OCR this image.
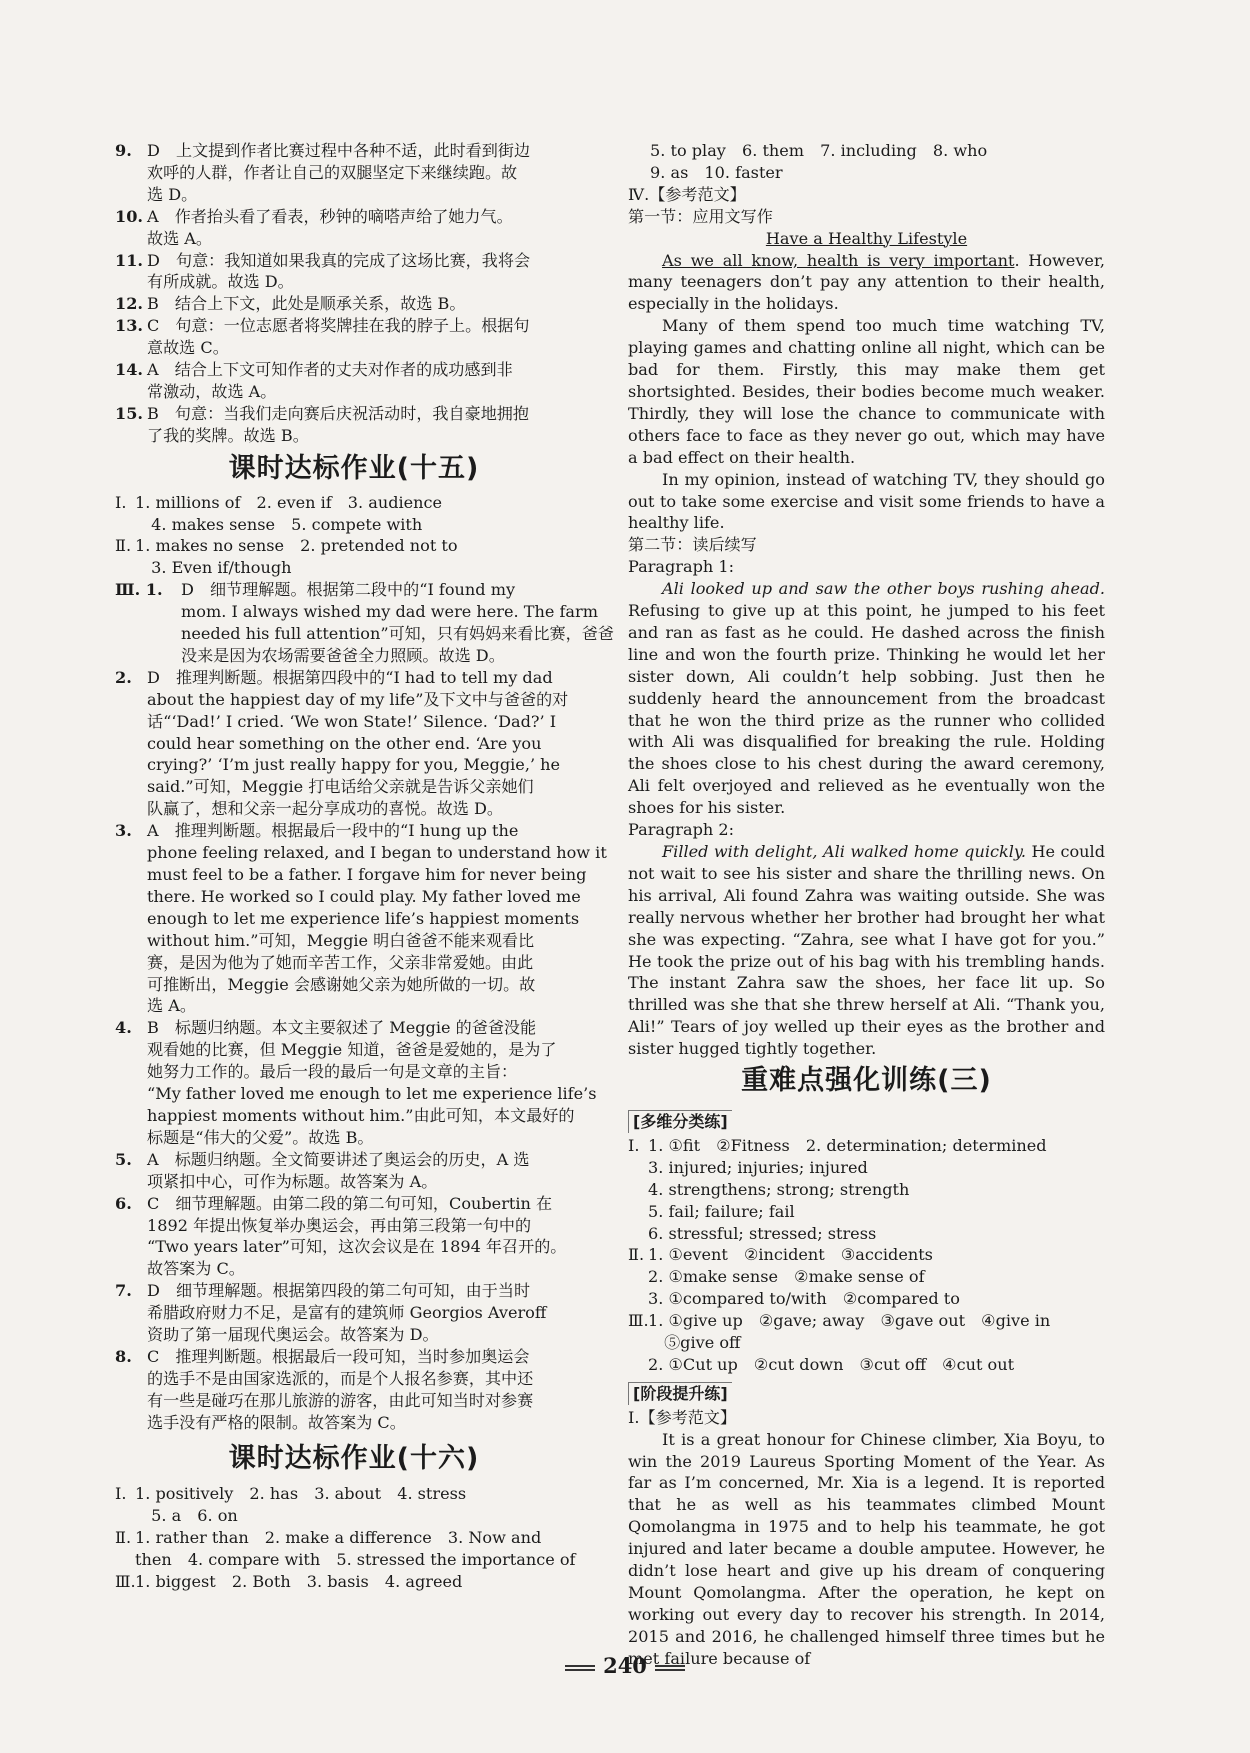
9. D　上文提到作者比赛过程中各种不适，此时看到街边
欢呼的人群，作者让自己的双腿坚定下来继续跑。故
选 D。
10. A　作者抬头看了看表，秒钟的嘀嗒声给了她力气。
故选 A。
11. D　句意：我知道如果我真的完成了这场比赛，我将会
有所成就。故选 D。
12. B　结合上下文，此处是顺承关系，故选 B。
13. C　句意：一位志愿者将奖牌挂在我的脖子上。根据句
意故选 C。
14. A　结合上下文可知作者的丈夫对作者的成功感到非
常激动，故选 A。
15. B　句意：当我们走向赛后庆祝活动时，我自豪地拥抱
了我的奖牌。故选 B。
课时达标作业(十五)
Ⅰ. 1. millions of　2. even if　3. audience
　4. makes sense　5. compete with
Ⅱ. 1. makes no sense　2. pretended not to
　3. Even if/though
Ⅲ. 1. D　细节理解题。根据第二段中的“I found my
mom. I always wished my dad were here. The farm
needed his full attention”可知，只有妈妈来看比赛，爸爸
没来是因为农场需要爸爸全力照顾。故选 D。
2. D　推理判断题。根据第四段中的“I had to tell my dad
about the happiest day of my life”及下文中与爸爸的对
话“‘Dad!’ I cried. ‘We won State!’ Silence. ‘Dad?’ I
could hear something on the other end. ‘Are you
crying?’ ‘I’m just really happy for you, Meggie,’ he
said.”可知，Meggie 打电话给父亲就是告诉父亲她们
队赢了，想和父亲一起分享成功的喜悦。故选 D。
3. A　推理判断题。根据最后一段中的“I hung up the
phone feeling relaxed, and I began to understand how it
must feel to be a father. I forgave him for never being
there. He worked so I could play. My father loved me
enough to let me experience life’s happiest moments
without him.”可知，Meggie 明白爸爸不能来观看比
赛，是因为他为了她而辛苦工作，父亲非常爱她。由此
可推断出，Meggie 会感谢她父亲为她所做的一切。故
选 A。
4. B　标题归纳题。本文主要叙述了 Meggie 的爸爸没能
观看她的比赛，但 Meggie 知道，爸爸是爱她的，是为了
她努力工作的。最后一段的最后一句是文章的主旨：
“My father loved me enough to let me experience life’s
happiest moments without him.”由此可知，本文最好的
标题是“伟大的父爱”。故选 B。
5. A　标题归纳题。全文简要讲述了奥运会的历史，A 选
项紧扣中心，可作为标题。故答案为 A。
6. C　细节理解题。由第二段的第二句可知，Coubertin 在
1892 年提出恢复举办奥运会，再由第三段第一句中的
“Two years later”可知，这次会议是在 1894 年召开的。
故答案为 C。
7. D　细节理解题。根据第四段的第二句可知，由于当时
希腊政府财力不足，是富有的建筑师 Georgios Averoff
资助了第一届现代奥运会。故答案为 D。
8. C　推理判断题。根据最后一段可知，当时参加奥运会
的选手不是由国家选派的，而是个人报名参赛，其中还
有一些是碰巧在那儿旅游的游客，由此可知当时对参赛
选手没有严格的限制。故答案为 C。
课时达标作业(十六)
Ⅰ. 1. positively　2. has　3. about　4. stress
　5. a　6. on
Ⅱ. 1. rather than　2. make a difference　3. Now and
then　4. compare with　5. stressed the importance of
Ⅲ. 1. biggest　2. Both　3. basis　4. agreed
5. to play　6. them　7. including　8. who
9. as　10. faster
Ⅳ.【参考范文】
第一节：应用文写作
Have a Healthy Lifestyle
As we all know, health is very important. However, many teenagers don’t pay any attention to their health, especially in the holidays.
Many of them spend too much time watching TV, playing games and chatting online all night, which can be bad for them. Firstly, this may make them get shortsighted. Besides, their bodies become much weaker. Thirdly, they will lose the chance to communicate with others face to face as they never go out, which may have a bad effect on their health.
In my opinion, instead of watching TV, they should go out to take some exercise and visit some friends to have a healthy life.
第二节：读后续写
Paragraph 1:
Ali looked up and saw the other boys rushing ahead. Refusing to give up at this point, he jumped to his feet and ran as fast as he could. He dashed across the finish line and won the fourth prize. Thinking he would let her sister down, Ali couldn’t help sobbing. Just then he suddenly heard the announcement from the broadcast that he won the third prize as the runner who collided with Ali was disqualified for breaking the rule. Holding the shoes close to his chest during the award ceremony, Ali felt overjoyed and relieved as he eventually won the shoes for his sister.
Paragraph 2:
Filled with delight, Ali walked home quickly. He could not wait to see his sister and share the thrilling news. On his arrival, Ali found Zahra was waiting outside. She was really nervous whether her brother had brought her what she was expecting. “Zahra, see what I have got for you.” He took the prize out of his bag with his trembling hands. The instant Zahra saw the shoes, her face lit up. So thrilled was she that she threw herself at Ali. “Thank you, Ali!” Tears of joy welled up their eyes as the brother and sister hugged tightly together.
重难点强化训练(三)
[多维分类练]
Ⅰ. 1. ①fit　②Fitness　2. determination; determined
3. injured; injuries; injured
4. strengthens; strong; strength
5. fail; failure; fail
6. stressful; stressed; stress
Ⅱ. 1. ①event　②incident　③accidents
2. ①make sense　②make sense of
3. ①compared to/with　②compared to
Ⅲ. 1. ①give up　②gave; away　③gave out　④give in
　⑤give off
2. ①Cut up　②cut down　③cut off　④cut out
[阶段提升练]
Ⅰ.【参考范文】
It is a great honour for Chinese climber, Xia Boyu, to win the 2019 Laureus Sporting Moment of the Year. As far as I’m concerned, Mr. Xia is a legend. It is reported that he as well as his teammates climbed Mount Qomolangma in 1975 and to help his teammate, he got injured and later became a double amputee. However, he didn’t lose heart and give up his dream of conquering Mount Qomolangma. After the operation, he kept on working out every day to recover his strength. In 2014, 2015 and 2016, he challenged himself three times but he met failure because of
240
